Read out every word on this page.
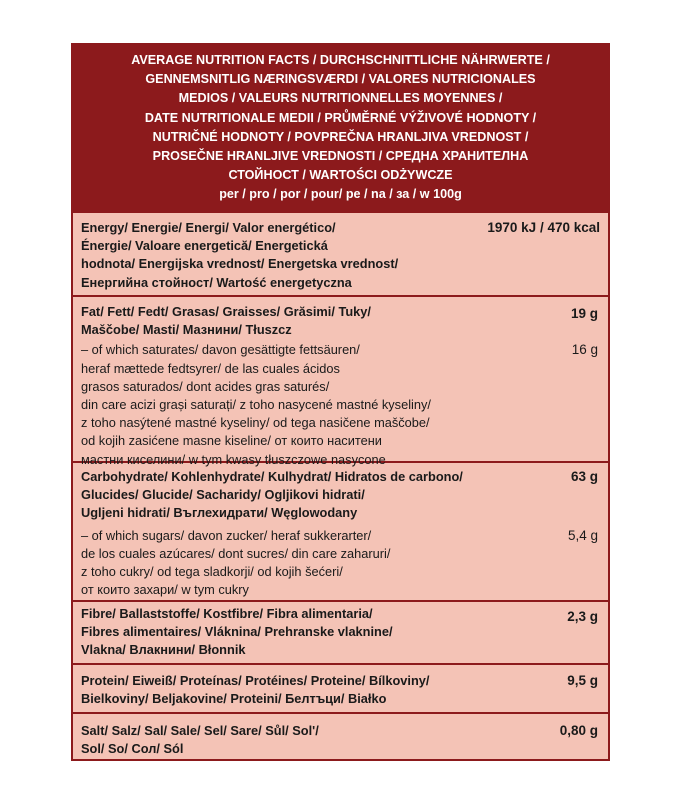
AVERAGE NUTRITION FACTS / DURCHSCHNITTLICHE NÄHRWERTE /
GENNEMSNITLIG NÆRINGSVÆRDI / VALORES NUTRICIONALES
MEDIOS / VALEURS NUTRITIONNELLES MOYENNES /
DATE NUTRITIONALE MEDII / PRŮMĚRNÉ VÝŽIVOVÉ HODNOTY /
NUTRIČNÉ HODNOTY / POVPREČNA HRANLJIVA VREDNOST /
PROSEČNE HRANLJIVE VREDNOSTI / СРЕДНА ХРАНИТЕЛНА
СТОЙНОСТ / WARTOŚCI ODŻYWCZE
per / pro / por / pour/ pe / na / за / w 100g
Energy/ Energie/ Energi/ Valor energético/
Énergie/ Valoare energetică/ Energetická
hodnota/ Energijska vrednost/ Energetska vrednost/
Енергийна стойност/ Wartość energetyczna
1970 kJ / 470 kcal
Fat/ Fett/ Fedt/ Grasas/ Graisses/ Grăsimi/ Tuky/
Maščobe/ Masti/ Мазнини/ Tłuszcz
19 g
– of which saturates/ davon gesättigte fettsäuren/
heraf mættede fedtsyrer/ de las cuales ácidos
grasos saturados/ dont acides gras saturés/
din care acizi grași saturați/ z toho nasycené mastné kyseliny/
z toho nasýtené mastné kyseliny/ od tega nasičene maščobe/
od kojih zasićene masne kiseline/ от които наситени
мастни киселини/ w tym kwasy tłuszczowe nasycone
16 g
Carbohydrate/ Kohlenhydrate/ Kulhydrat/ Hidratos de carbono/
Glucides/ Glucide/ Sacharidy/ Ogljikovi hidrati/
Ugljeni hidrati/ Въглехидрати/ Węglowodany
63 g
– of which sugars/ davon zucker/ heraf sukkerarter/
de los cuales azúcares/ dont sucres/ din care zaharuri/
z toho cukry/ od tega sladkorji/ od kojih šećeri/
от които захари/ w tym cukry
5,4 g
Fibre/ Ballaststoffe/ Kostfibre/ Fibra alimentaria/
Fibres alimentaires/ Vláknina/ Prehranske vlaknine/
Vlakna/ Влакнини/ Błonnik
2,3 g
Protein/ Eiweiß/ Proteínas/ Protéines/ Proteine/ Bílkoviny/
Bielkoviny/ Beljakovine/ Proteini/ Белтъци/ Białko
9,5 g
Salt/ Salz/ Sal/ Sale/ Sel/ Sare/ Sůl/ Sol'/
Sol/ So/ Сол/ Sól
0,80 g
